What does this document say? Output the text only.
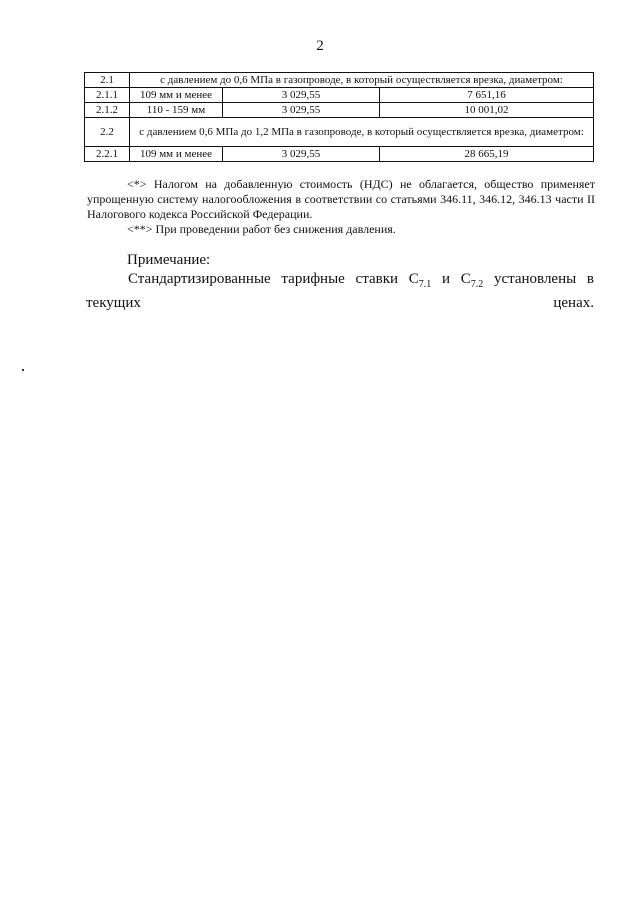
2
2.1	с давлением до 0,6 МПа в газопроводе, в который осуществляется врезка, диаметром:		
2.1.1	109 мм и менее	3 029,55	7 651,16
2.1.2	110 - 159 мм	3 029,55	10 001,02
2.2	с давлением 0,6 МПа до 1,2 МПа в газопроводе, в который осуществляется врезка, диаметром:		
2.2.1	109 мм и менее	3 029,55	28 665,19

<*> Налогом на добавленную стоимость (НДС) не облагается, общество применяет упрощенную систему налогообложения в соответствии со статьями 346.11, 346.12, 346.13 части II Налогового кодекса Российской Федерации.

<**> При проведении работ без снижения давления.

Примечание:
Стандартизированные тарифные ставки $С_{7.1}$ и $С_{7.2}$ установлены в текущих	ценах.
